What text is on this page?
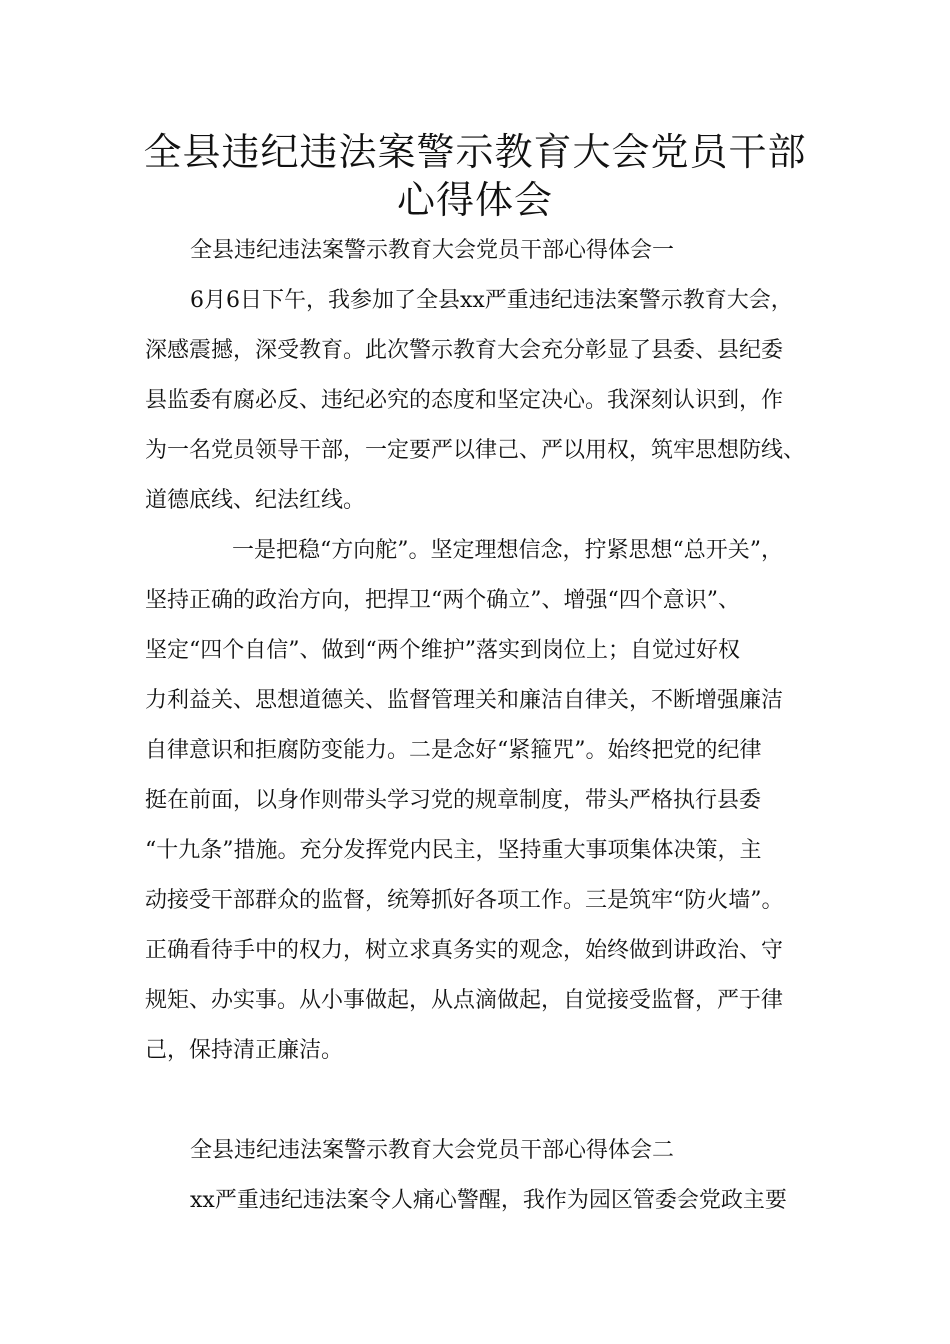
全县违纪违法案警示教育大会党员干部
心得体会

全县违纪违法案警示教育大会党员干部心得体会一

6月6日下午，我参加了全县xx严重违纪违法案警示教育大会，

深感震撼，深受教育。此次警示教育大会充分彰显了县委、县纪委

县监委有腐必反、违纪必究的态度和坚定决心。我深刻认识到，作

为一名党员领导干部，一定要严以律己、严以用权，筑牢思想防线、

道德底线、纪法红线。

一是把稳“方向舵”。坚定理想信念，拧紧思想“总开关”，

坚持正确的政治方向，把捍卫“两个确立”、增强“四个意识”、

坚定“四个自信”、做到“两个维护”落实到岗位上；自觉过好权

力利益关、思想道德关、监督管理关和廉洁自律关，不断增强廉洁

自律意识和拒腐防变能力。二是念好“紧箍咒”。始终把党的纪律

挺在前面，以身作则带头学习党的规章制度，带头严格执行县委

“十九条”措施。充分发挥党内民主，坚持重大事项集体决策，主

动接受干部群众的监督，统筹抓好各项工作。三是筑牢“防火墙”。

正确看待手中的权力，树立求真务实的观念，始终做到讲政治、守

规矩、办实事。从小事做起，从点滴做起，自觉接受监督，严于律

己，保持清正廉洁。

全县违纪违法案警示教育大会党员干部心得体会二

xx严重违纪违法案令人痛心警醒，我作为园区管委会党政主要
